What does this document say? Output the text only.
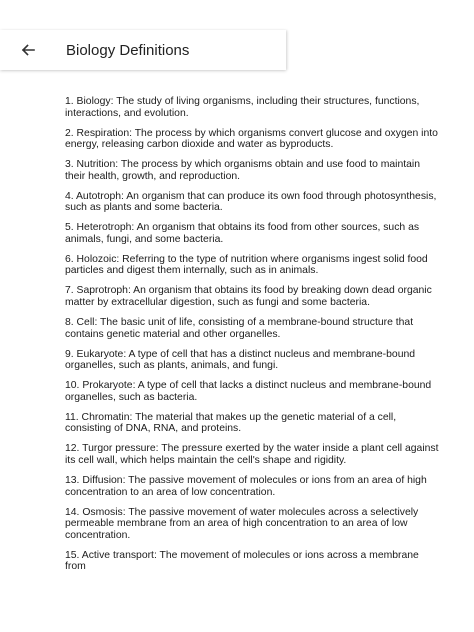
Biology Definitions
1. Biology: The study of living organisms, including their structures, functions, interactions, and evolution.
2. Respiration: The process by which organisms convert glucose and oxygen into energy, releasing carbon dioxide and water as byproducts.
3. Nutrition: The process by which organisms obtain and use food to maintain their health, growth, and reproduction.
4. Autotroph: An organism that can produce its own food through photosynthesis, such as plants and some bacteria.
5. Heterotroph: An organism that obtains its food from other sources, such as animals, fungi, and some bacteria.
6. Holozoic: Referring to the type of nutrition where organisms ingest solid food particles and digest them internally, such as in animals.
7. Saprotroph: An organism that obtains its food by breaking down dead organic matter by extracellular digestion, such as fungi and some bacteria.
8. Cell: The basic unit of life, consisting of a membrane-bound structure that contains genetic material and other organelles.
9. Eukaryote: A type of cell that has a distinct nucleus and membrane-bound organelles, such as plants, animals, and fungi.
10. Prokaryote: A type of cell that lacks a distinct nucleus and membrane-bound organelles, such as bacteria.
11. Chromatin: The material that makes up the genetic material of a cell, consisting of DNA, RNA, and proteins.
12. Turgor pressure: The pressure exerted by the water inside a plant cell against its cell wall, which helps maintain the cell's shape and rigidity.
13. Diffusion: The passive movement of molecules or ions from an area of high concentration to an area of low concentration.
14. Osmosis: The passive movement of water molecules across a selectively permeable membrane from an area of high concentration to an area of low concentration.
15. Active transport: The movement of molecules or ions across a membrane from
